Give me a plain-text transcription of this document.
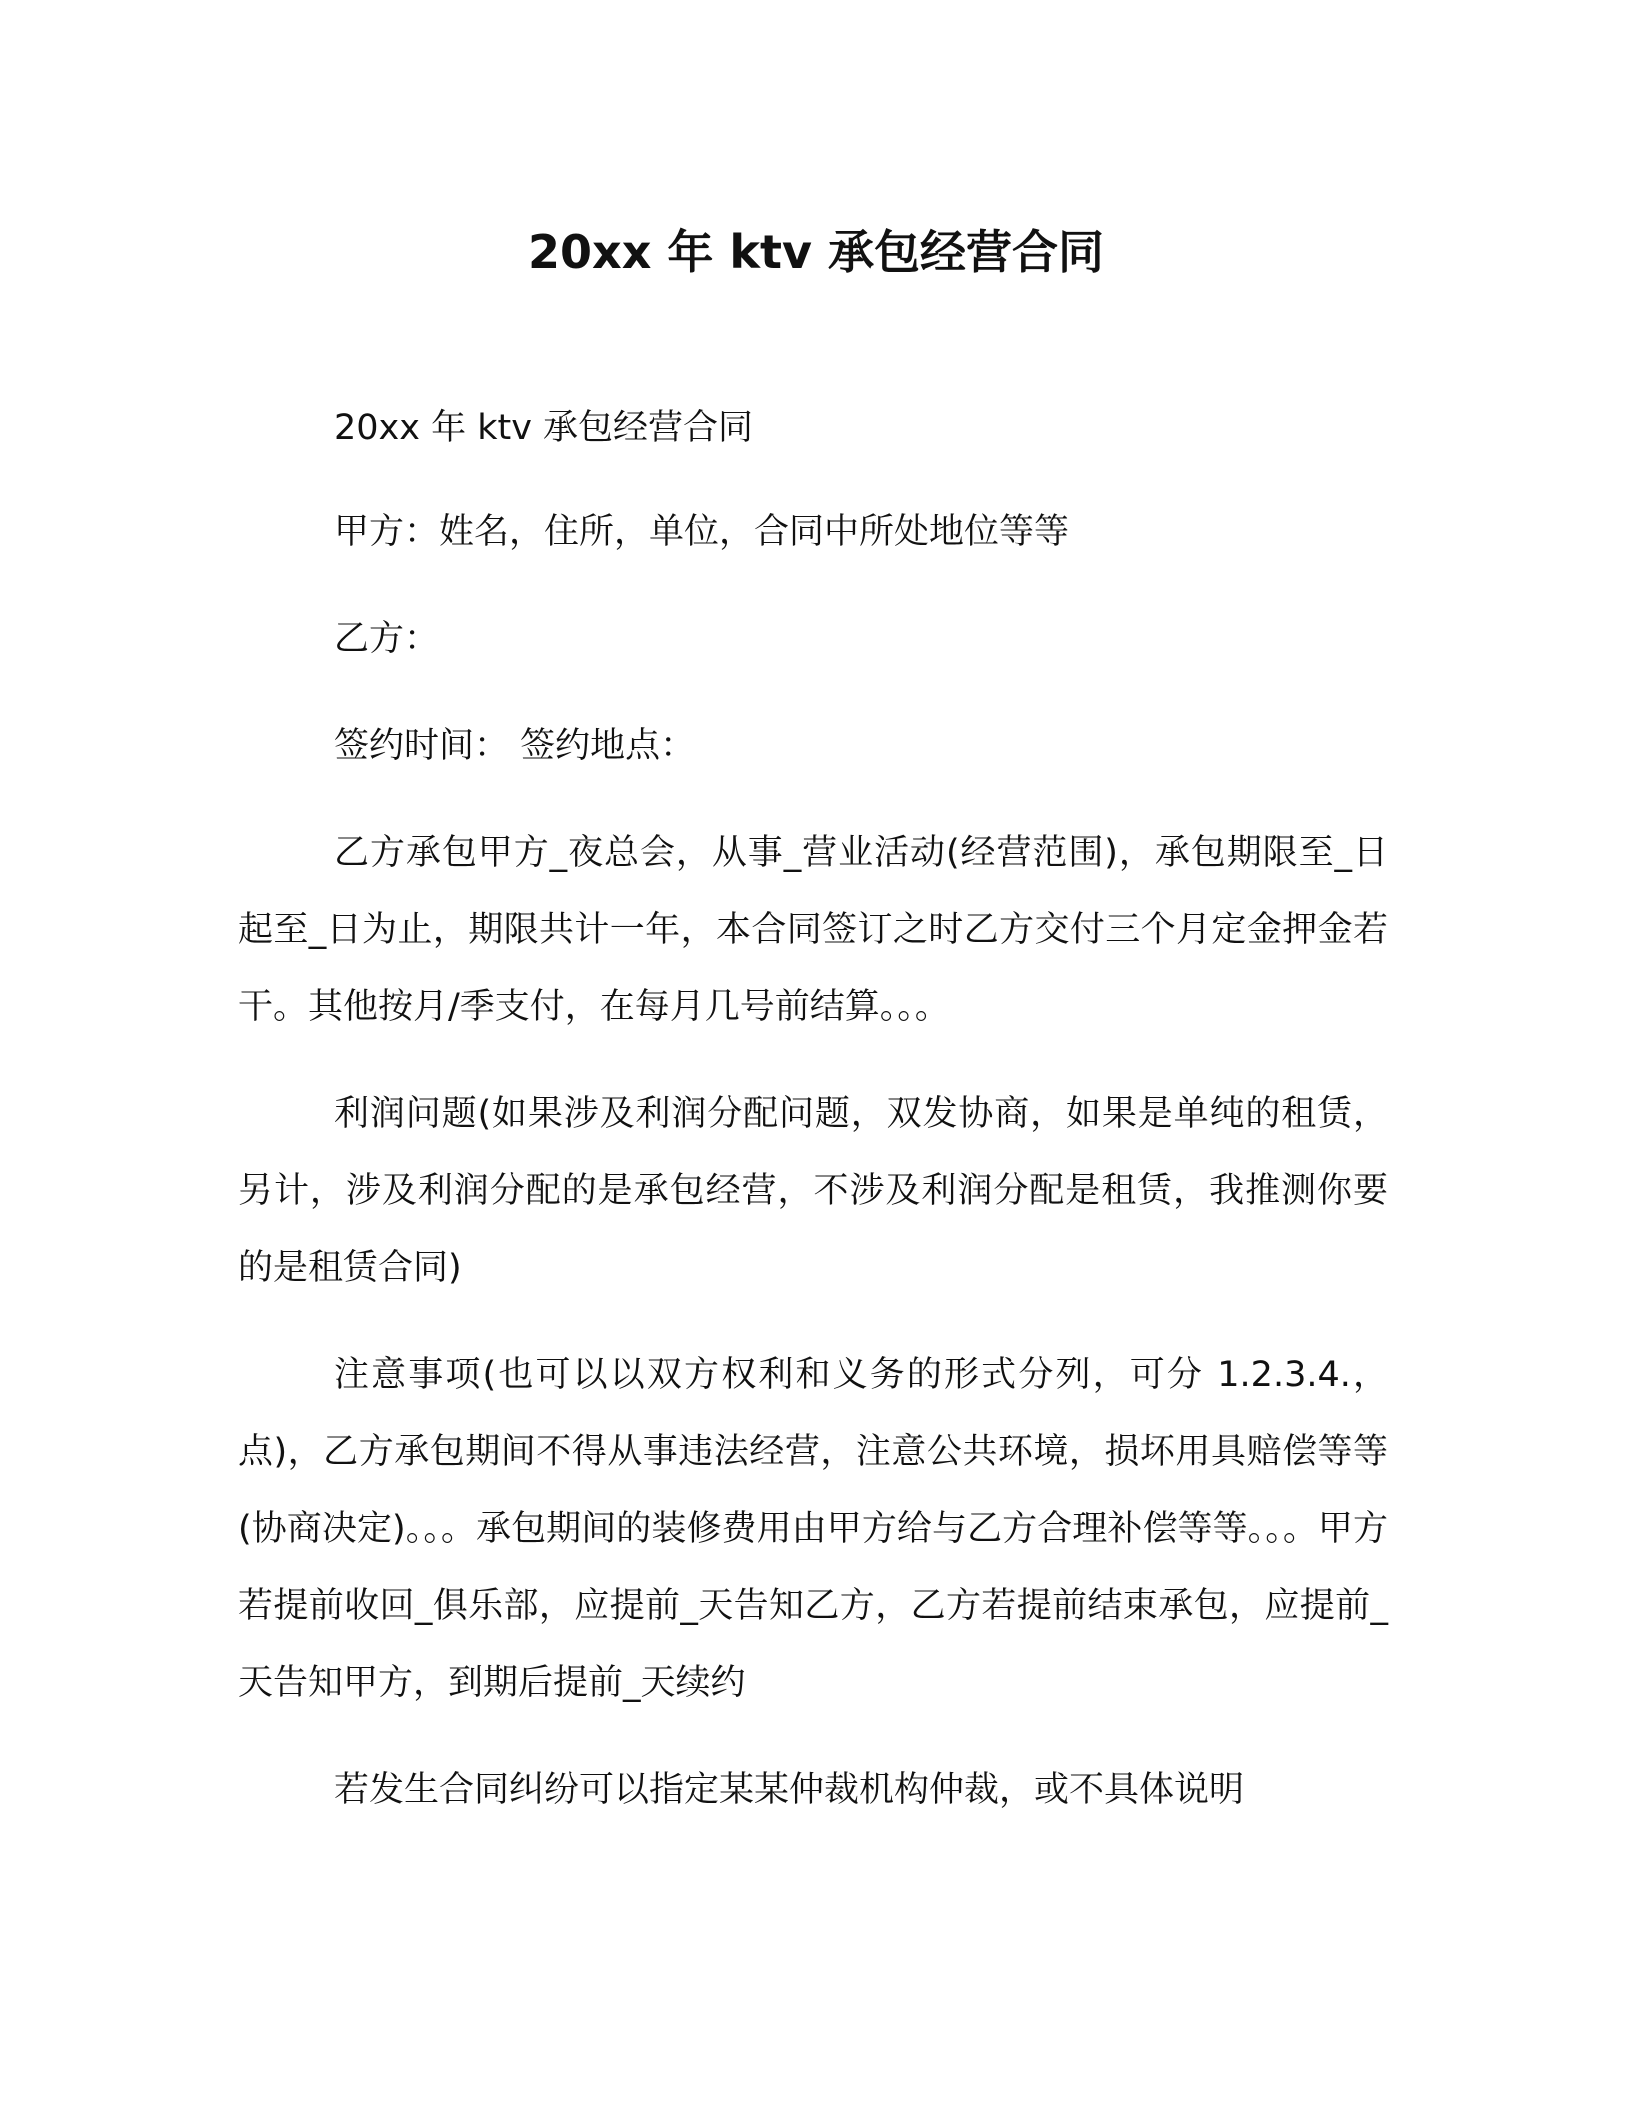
20xx 年 ktv 承包经营合同

20xx 年 ktv 承包经营合同

甲方：姓名，住所，单位，合同中所处地位等等

乙方：

签约时间： 签约地点：

乙方承包甲方_夜总会，从事_营业活动(经营范围)，承包期限至_日起至_日为止，期限共计一年，本合同签订之时乙方交付三个月定金押金若干。其他按月/季支付，在每月几号前结算。。。

利润问题(如果涉及利润分配问题，双发协商，如果是单纯的租赁，另计，涉及利润分配的是承包经营，不涉及利润分配是租赁，我推测你要的是租赁合同)

注意事项(也可以以双方权利和义务的形式分列，可分 1.2.3.4.，点)，乙方承包期间不得从事违法经营，注意公共环境，损坏用具赔偿等等(协商决定)。。。承包期间的装修费用由甲方给与乙方合理补偿等等。。。甲方若提前收回_俱乐部，应提前_天告知乙方，乙方若提前结束承包，应提前_天告知甲方，到期后提前_天续约

若发生合同纠纷可以指定某某仲裁机构仲裁，或不具体说明
